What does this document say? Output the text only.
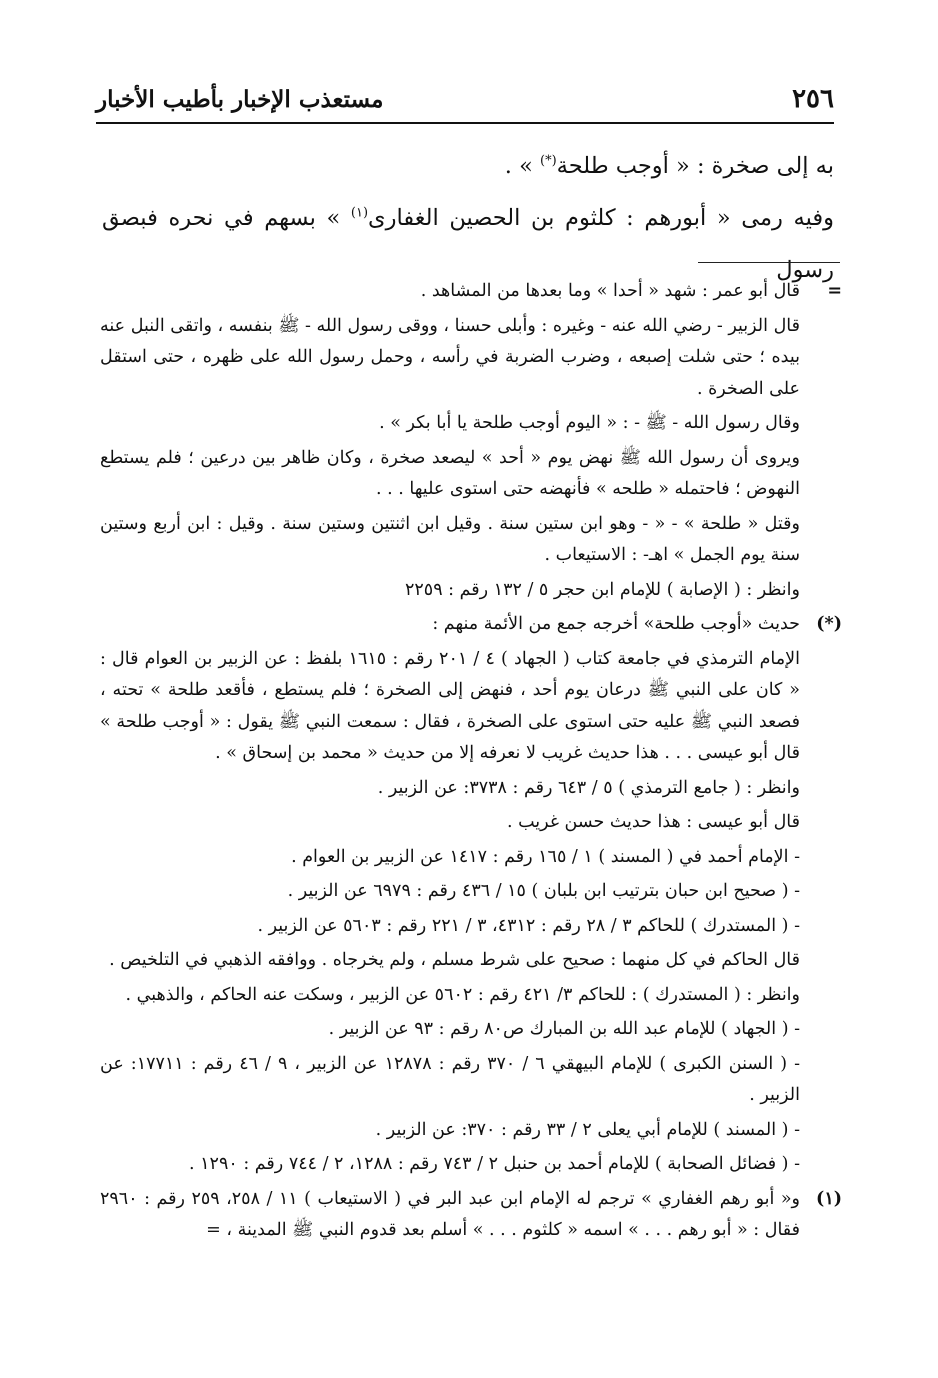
٢٥٦
مستعذب الإخبار بأطيب الأخبار

به إلى صخرة : « أوجب طلحة(*) » .

وفيه رمى « أبورهم : كلثوم بن الحصين الغفارى$^{(١)}$ » بسهم في نحره فبصق رسول

=

قال أبو عمر : شهد « أحدا » وما بعدها من المشاهد .

قال الزبير - رضي الله عنه - وغيره : وأبلى حسنا ، ووقى رسول الله - ﷺ بنفسه ، واتقى النبل عنه بيده ؛ حتى شلت إصبعه ، وضرب الضربة في رأسه ، وحمل رسول الله على ظهره ، حتى استقل على الصخرة .

وقال رسول الله - ﷺ - : « اليوم أوجب طلحة يا أبا بكر » .

ويروى أن رسول الله ﷺ نهض يوم « أحد » ليصعد صخرة ، وكان ظاهر بين درعين ؛ فلم يستطع النهوض ؛ فاحتمله « طلحه » فأنهضه حتى استوى عليها . . .

وقتل « طلحة » - « - وهو ابن ستين سنة . وقيل ابن اثنتين وستين سنة . وقيل : ابن أربع وستين سنة يوم الجمل » اهـ- : الاستيعاب .

وانظر : ( الإصابة ) للإمام ابن حجر ٥ / ١٣٢ رقم : ٢٢٥٩

(*)

حديث «أوجب طلحة» أخرجه جمع من الأئمة منهم :

الإمام الترمذي في جامعة كتاب ( الجهاد ) ٤ / ٢٠١ رقم : ١٦١٥ بلفظ : عن الزبير بن العوام قال : « كان على النبي ﷺ درعان يوم أحد ، فنهض إلى الصخرة ؛ فلم يستطع ، فأقعد طلحة » تحته ، فصعد النبي ﷺ عليه حتى استوى على الصخرة ، فقال : سمعت النبي ﷺ يقول : « أوجب طلحة » قال أبو عيسى . . . هذا حديث غريب لا نعرفه إلا من حديث « محمد بن إسحاق » .

وانظر : ( جامع الترمذي ) ٥ / ٦٤٣ رقم : ٣٧٣٨: عن الزبير .

قال أبو عيسى : هذا حديث حسن غريب .

- الإمام أحمد في ( المسند ) ١ / ١٦٥ رقم : ١٤١٧ عن الزبير بن العوام .

- ( صحيح ابن حبان بترتيب ابن بلبان ) ١٥ / ٤٣٦ رقم : ٦٩٧٩ عن الزبير .

- ( المستدرك ) للحاكم ٣ / ٢٨ رقم : ٤٣١٢، ٣ / ٢٢١ رقم : ٥٦٠٣ عن الزبير .

قال الحاكم في كل منهما : صحيح على شرط مسلم ، ولم يخرجاه . ووافقه الذهبي في التلخيص .

وانظر : ( المستدرك ) : للحاكم ٣/ ٤٢١ رقم : ٥٦٠٢ عن الزبير ، وسكت عنه الحاكم ، والذهبي .

- ( الجهاد ) للإمام عبد الله بن المبارك ص٨٠ رقم : ٩٣ عن الزبير .

- ( السنن الكبرى ) للإمام البيهقي ٦ / ٣٧٠ رقم : ١٢٨٧٨ عن الزبير ، ٩ / ٤٦ رقم : ١٧٧١١: عن الزبير .

- ( المسند ) للإمام أبي يعلى ٢ / ٣٣ رقم : ٣٧٠: عن الزبير .

- ( فضائل الصحابة ) للإمام أحمد بن حنبل ٢ / ٧٤٣ رقم : ١٢٨٨، ٢ / ٧٤٤ رقم : ١٢٩٠ .

(١)

و« أبو رهم الغفاري » ترجم له الإمام ابن عبد البر في ( الاستيعاب ) ١١ / ٢٥٨، ٢٥٩ رقم : ٢٩٦٠ فقال : « أبو رهم . . . » اسمه « كلثوم . . . » أسلم بعد قدوم النبي ﷺ المدينة ، =
